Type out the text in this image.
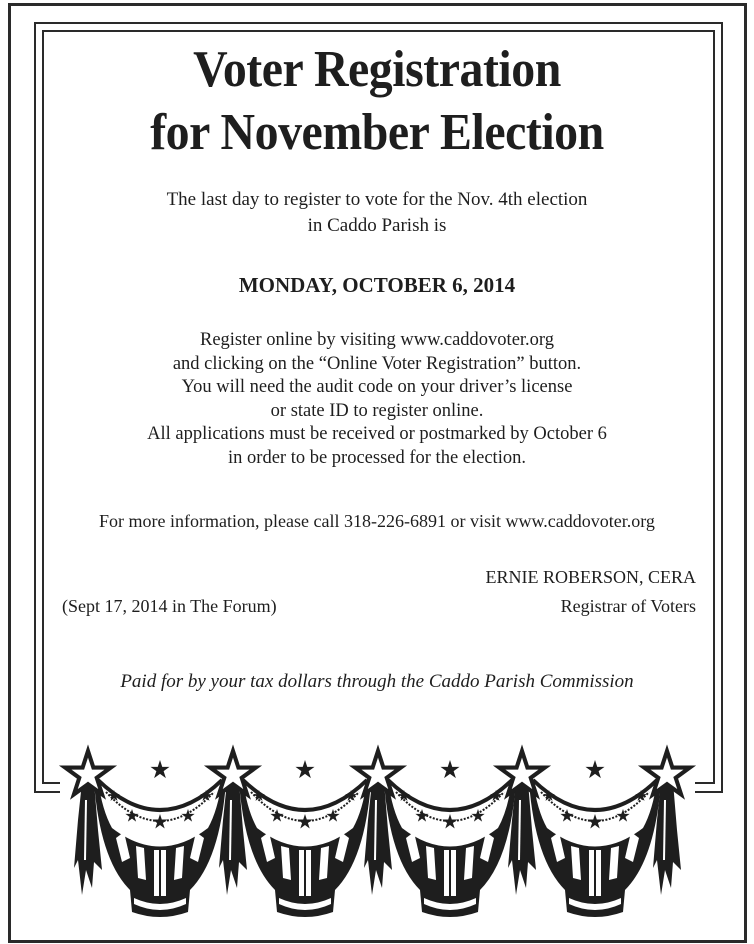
Voter Registration
for November Election
The last day to register to vote for the Nov. 4th election
in Caddo Parish is
MONDAY, OCTOBER 6, 2014
Register online by visiting www.caddovoter.org
and clicking on the “Online Voter Registration” button.
You will need the audit code on your driver’s license
or state ID to register online.
All applications must be received or postmarked by October 6
in order to be processed for the election.
For more information, please call 318-226-6891 or visit www.caddovoter.org
ERNIE ROBERSON, CERA
(Sept 17, 2014 in The Forum)	Registrar of Voters
Paid for by your tax dollars through the Caddo Parish Commission
